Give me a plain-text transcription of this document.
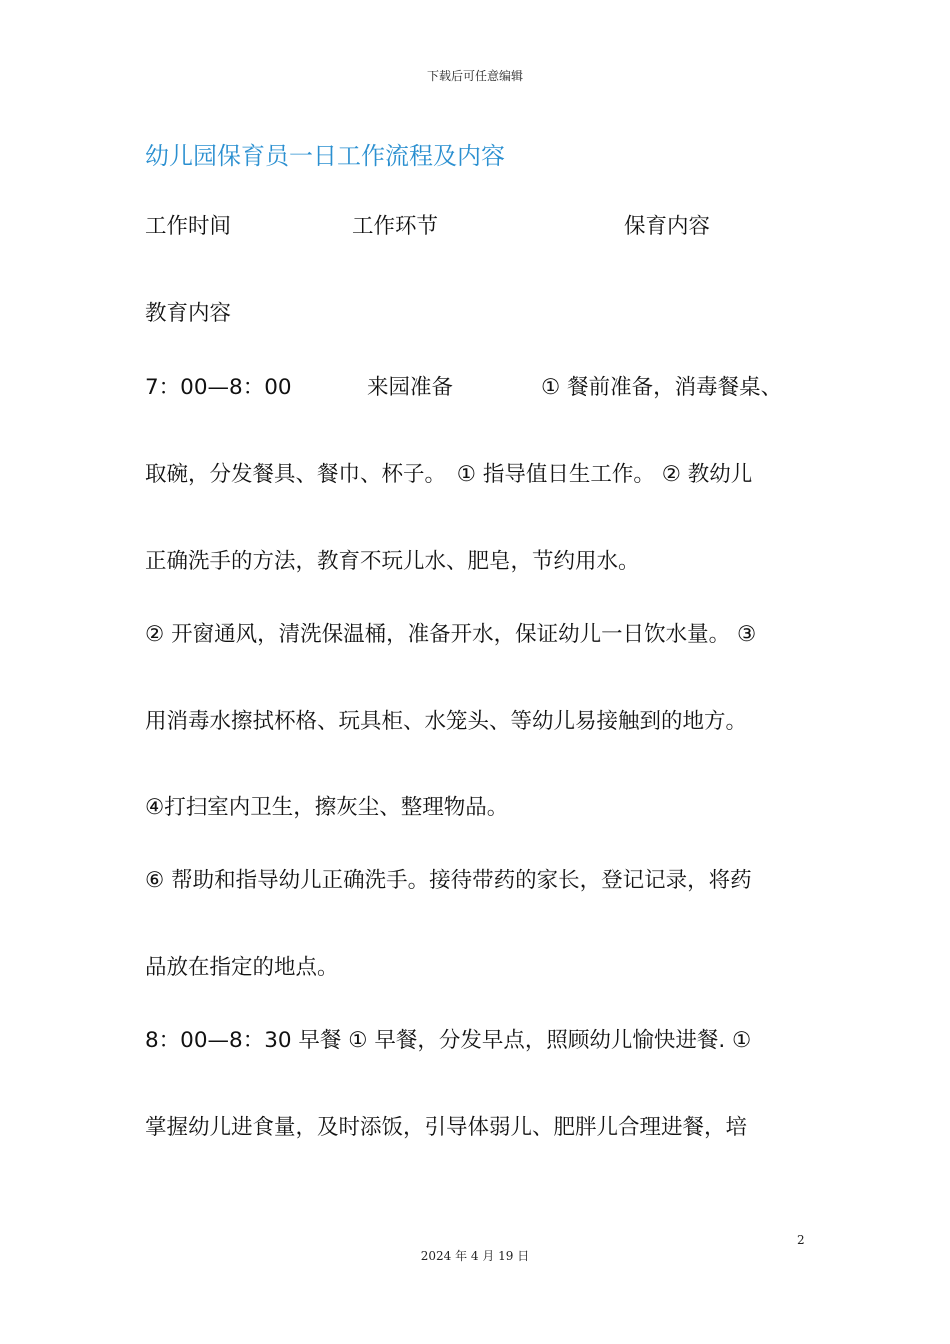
下载后可任意编辑
幼儿园保育员一日工作流程及内容
工作时间	工作环节	保育内容
教育内容
7：00—8：00	来园准备	① 餐前准备，消毒餐桌、
取碗，分发餐具、餐巾、杯子。　① 指导值日生工作。 ② 教幼儿
正确洗手的方法，教育不玩儿水、肥皂，节约用水。
② 开窗通风，清洗保温桶，准备开水，保证幼儿一日饮水量。 ③
用消毒水擦拭杯格、玩具柜、水笼头、等幼儿易接触到的地方。
④打扫室内卫生，擦灰尘、整理物品。
⑥ 帮助和指导幼儿正确洗手。接待带药的家长，登记记录，将药
品放在指定的地点。
8：00—8：30 早餐 ① 早餐，分发早点，照顾幼儿愉快进餐. ①
掌握幼儿进食量，及时添饭，引导体弱儿、肥胖儿合理进餐，培
2
2024 年 4 月 19 日
